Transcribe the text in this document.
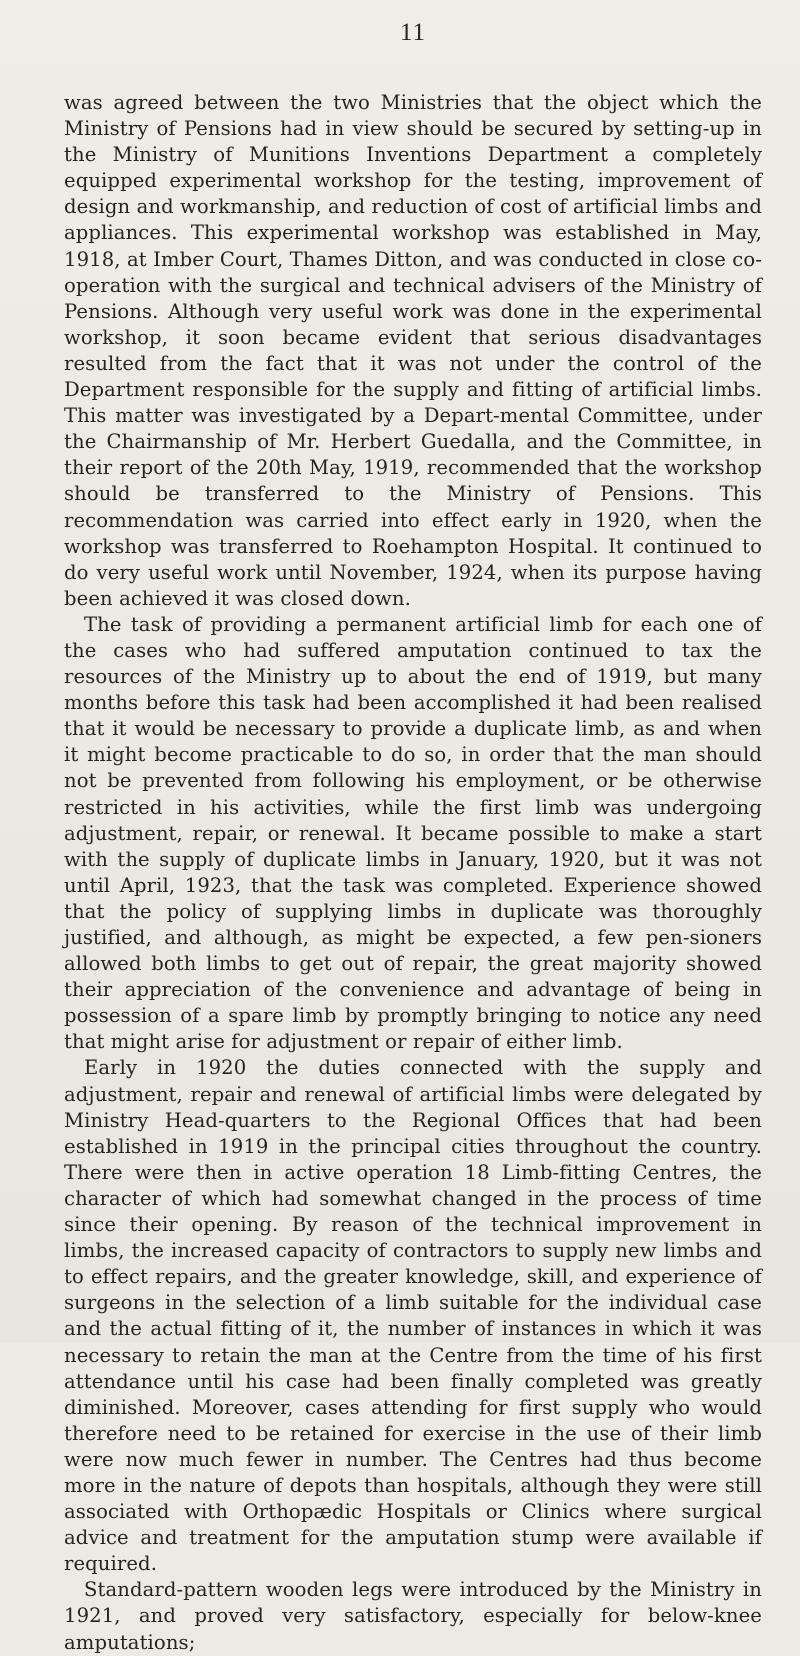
11

was agreed between the two Ministries that the object which the Ministry of Pensions had in view should be secured by setting-up in the Ministry of Munitions Inventions Department a completely equipped experimental workshop for the testing, improvement of design and workmanship, and reduction of cost of artificial limbs and appliances. This experimental workshop was established in May, 1918, at Imber Court, Thames Ditton, and was conducted in close co-operation with the surgical and technical advisers of the Ministry of Pensions. Although very useful work was done in the experimental workshop, it soon became evident that serious disadvantages resulted from the fact that it was not under the control of the Department responsible for the supply and fitting of artificial limbs. This matter was investigated by a Depart-mental Committee, under the Chairmanship of Mr. Herbert Guedalla, and the Committee, in their report of the 20th May, 1919, recommended that the workshop should be transferred to the Ministry of Pensions. This recommendation was carried into effect early in 1920, when the workshop was transferred to Roehampton Hospital. It continued to do very useful work until November, 1924, when its purpose having been achieved it was closed down.

The task of providing a permanent artificial limb for each one of the cases who had suffered amputation continued to tax the resources of the Ministry up to about the end of 1919, but many months before this task had been accomplished it had been realised that it would be necessary to provide a duplicate limb, as and when it might become practicable to do so, in order that the man should not be prevented from following his employment, or be otherwise restricted in his activities, while the first limb was undergoing adjustment, repair, or renewal. It became possible to make a start with the supply of duplicate limbs in January, 1920, but it was not until April, 1923, that the task was completed. Experience showed that the policy of supplying limbs in duplicate was thoroughly justified, and although, as might be expected, a few pen-sioners allowed both limbs to get out of repair, the great majority showed their appreciation of the convenience and advantage of being in possession of a spare limb by promptly bringing to notice any need that might arise for adjustment or repair of either limb.

Early in 1920 the duties connected with the supply and adjustment, repair and renewal of artificial limbs were delegated by Ministry Head-quarters to the Regional Offices that had been established in 1919 in the principal cities throughout the country. There were then in active operation 18 Limb-fitting Centres, the character of which had somewhat changed in the process of time since their opening. By reason of the technical improvement in limbs, the increased capacity of contractors to supply new limbs and to effect repairs, and the greater knowledge, skill, and experience of surgeons in the selection of a limb suitable for the individual case and the actual fitting of it, the number of instances in which it was necessary to retain the man at the Centre from the time of his first attendance until his case had been finally completed was greatly diminished. Moreover, cases attending for first supply who would therefore need to be retained for exercise in the use of their limb were now much fewer in number. The Centres had thus become more in the nature of depots than hospitals, although they were still associated with Orthopædic Hospitals or Clinics where surgical advice and treatment for the amputation stump were available if required.

Standard-pattern wooden legs were introduced by the Ministry in 1921, and proved very satisfactory, especially for below-knee amputations;
